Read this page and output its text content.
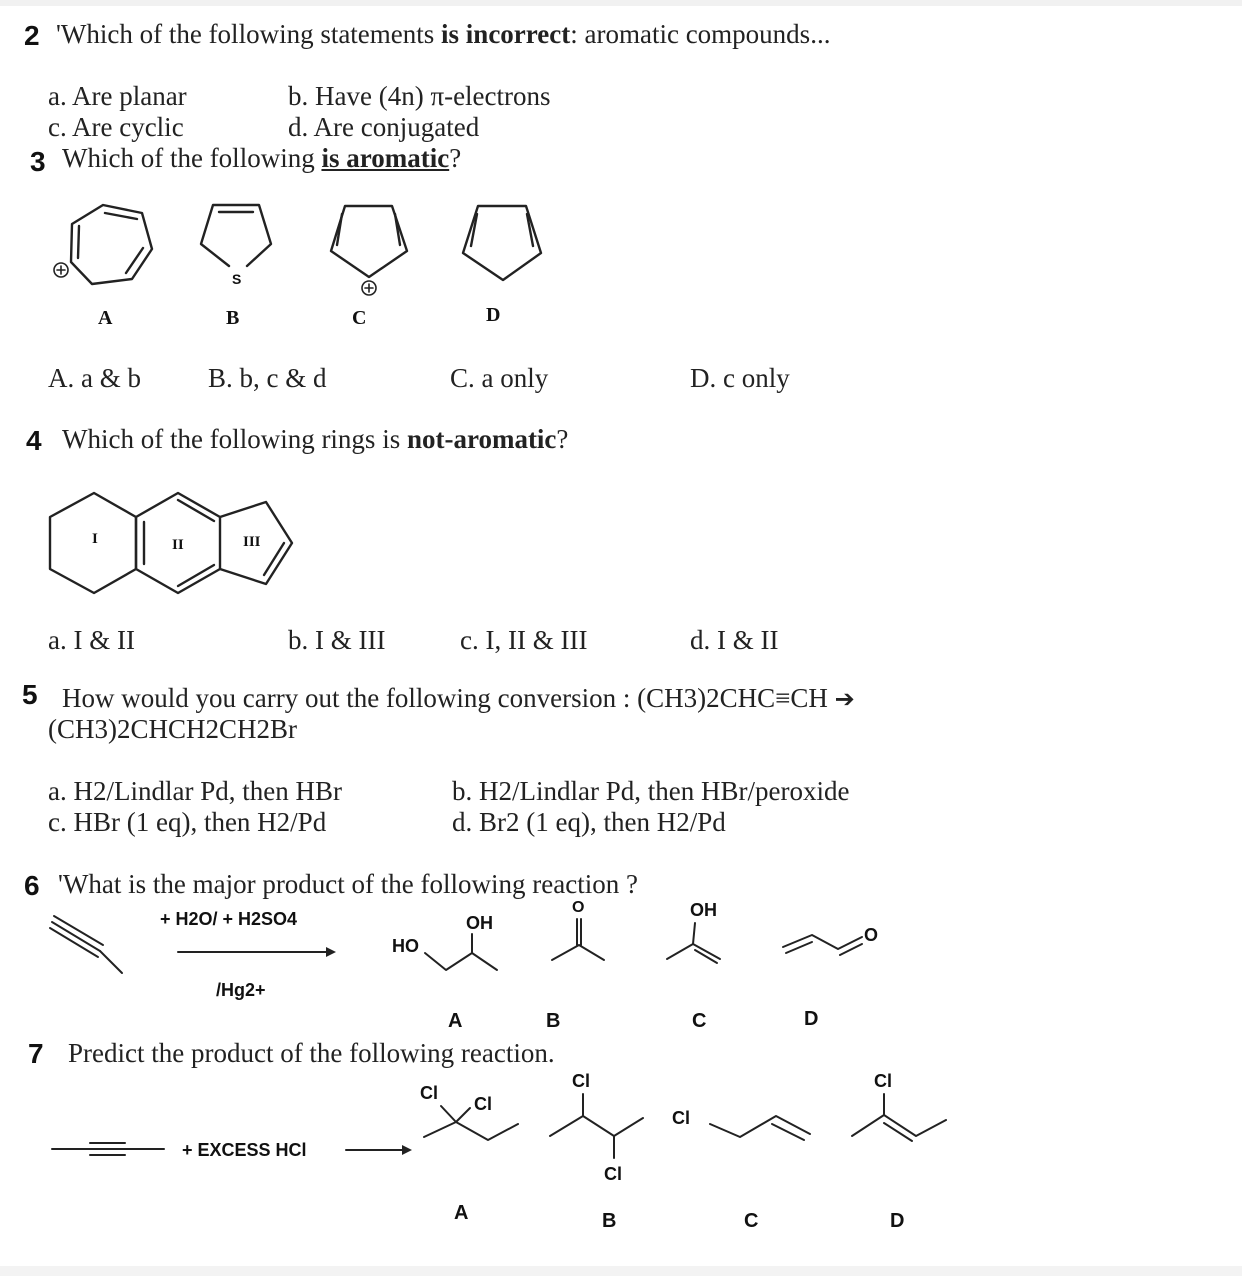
2 'Which of the following statements is incorrect: aromatic compounds...
a. Are planar	b. Have (4n) π-electrons
c. Are cyclic	d. Are conjugated
3 Which of the following is aromatic?
S
A	B	C	D
A. a & b B. b, c & d	C. a only	D. c only
4 Which of the following rings is not-aromatic?
I	II	III
a. I & II	b. I & III	c. I, II & III	d. I & II
5 How would you carry out the following conversion : (CH3)2CHC≡CH ➔
(CH3)2CHCH2CH2Br
a. H2/Lindlar Pd, then HBr	b. H2/Lindlar Pd, then HBr/peroxide
c. HBr (1 eq), then H2/Pd	d. Br2 (1 eq), then H2/Pd
6 'What is the major product of the following reaction ?
+ H2O/ + H2SO4
/Hg2+
HO
OH
O	OH
O
A	B	C	D
7 Predict the product of the following reaction.
+ EXCESS HCl
Cl
Cl
Cl
Cl
Cl
Cl
A	B	C	D
